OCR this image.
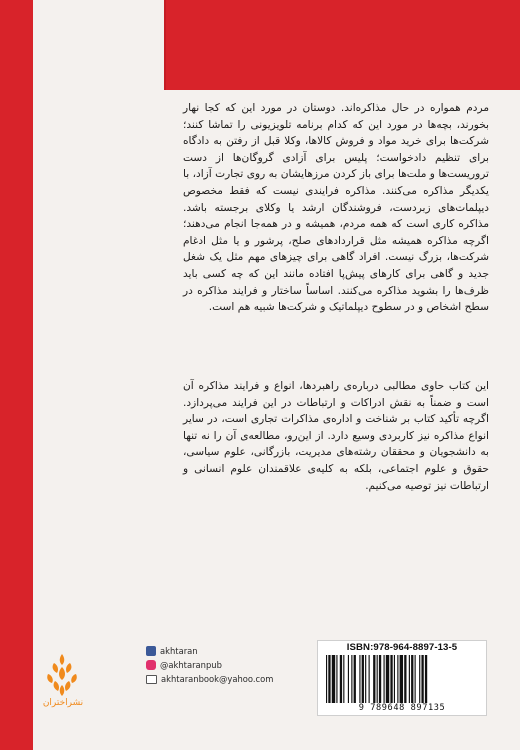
مردم همواره در حال مذاکره‌اند. دوستان در مورد این که کجا نهار بخورند، بچه‌ها در مورد این که کدام برنامه تلویزیونی را تماشا کنند؛ شرکت‌ها برای خرید مواد و فروش کالاها، وکلا قبل از رفتن به دادگاه برای تنظیم دادخواست؛ پلیس برای آزادی گروگان‌ها از دست تروریست‌ها و ملت‌ها برای باز کردن مرزهایشان به روی تجارت آزاد، با یکدیگر مذاکره می‌کنند. مذاکره فرایندی نیست که فقط مخصوص دیپلمات‌های زبردست، فروشندگان ارشد یا وکلای برجسته باشد. مذاکره کاری است که همه مردم، همیشه و در همه‌جا انجام می‌دهند؛ اگرچه مذاکره همیشه مثل قراردادهای صلح، پرشور و یا مثل ادغام شرکت‌ها، بزرگ نیست. افراد گاهی برای چیزهای مهم مثل یک شغل جدید و گاهی برای کارهای پیش‌پا افتاده مانند این که چه کسی باید ظرف‌ها را بشوید مذاکره می‌کنند. اساساً ساختار و فرایند مذاکره در سطح اشخاص و در سطوح دیپلماتیک و شرکت‌ها شبیه هم است.

این کتاب حاوی مطالبی درباره‌ی راهبردها، انواع و فرایند مذاکره آن است و ضمناً به نقش ادراکات و ارتباطات در این فرایند می‌پردازد. اگرچه تأکید کتاب بر شناخت و اداره‌ی مذاکرات تجاری است، در سایر انواع مذاکره نیز کاربردی وسیع دارد. از این‌رو، مطالعه‌ی آن را نه تنها به دانشجویان و محققان رشته‌های مدیریت، بازرگانی، علوم سیاسی، حقوق و علوم اجتماعی، بلکه به کلیه‌ی علاقمندان علوم انسانی و ارتباطات نیز توصیه می‌کنیم.

نشراختران
akhtaran
@akhtaranpub
akhtaranbook@yahoo.com
ISBN:978-964-8897-13-5
9 789648 897135
